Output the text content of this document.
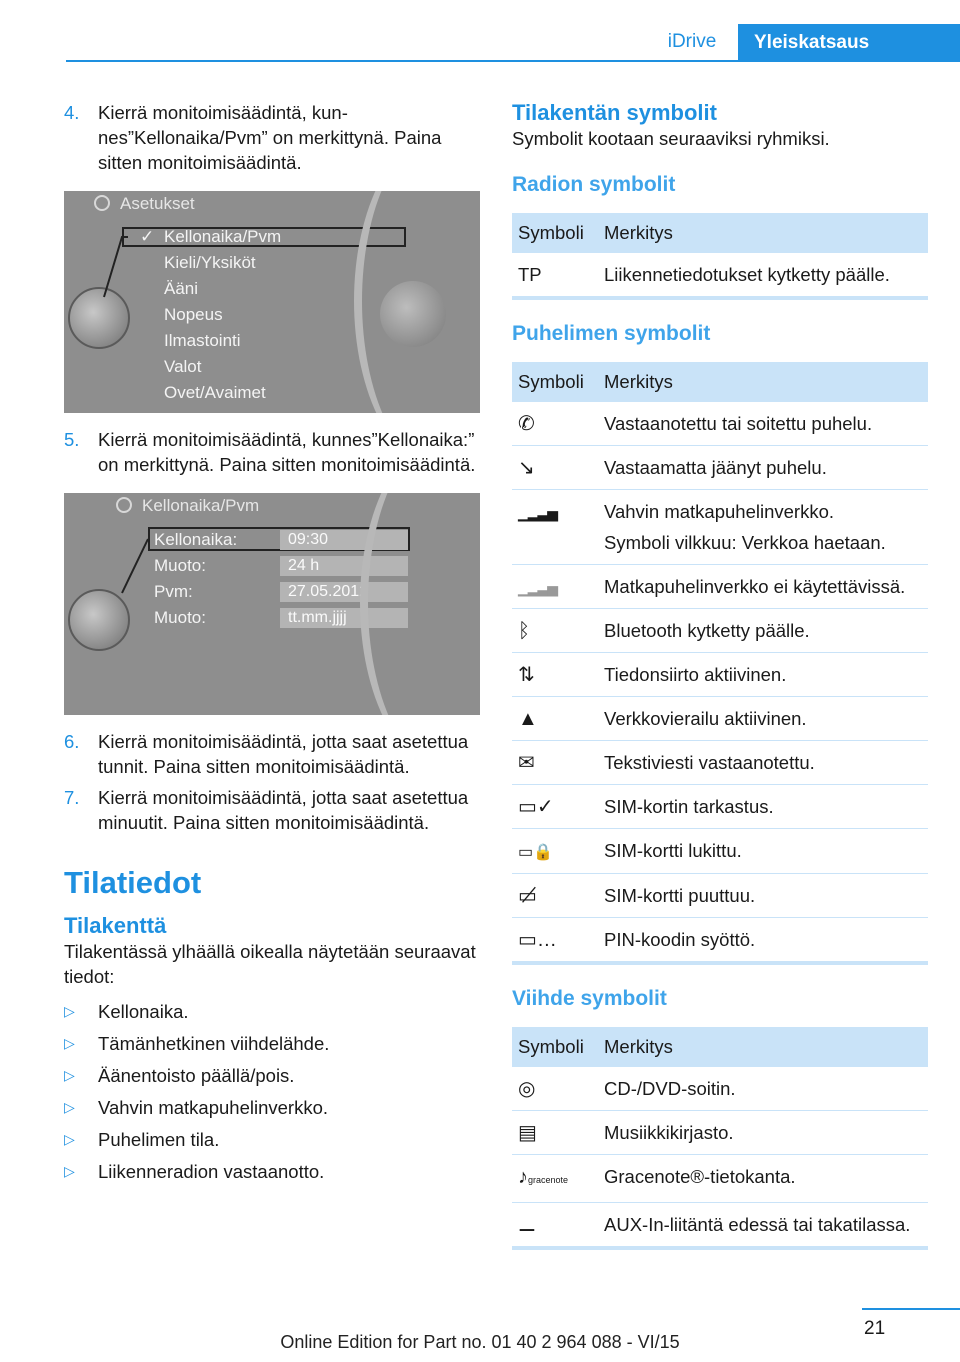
iDrive	Yleiskatsaus
4.	Kierrä monitoimisäädintä, kunnes”Kellonaika/Pvm” on merkittynä. Paina sitten monitoimisäädintä.
Asetukset
✓ Kellonaika/Pvm
Kieli/Yksiköt
Ääni
Nopeus
Ilmastointi
Valot
Ovet/Avaimet
5.	Kierrä monitoimisäädintä, kunnes”Kellonaika:” on merkittynä. Paina sitten monitoimisäädintä.
Kellonaika/Pvm
Kellonaika:	09:30
Muoto:	24 h
Pvm:	27.05.2012
Muoto:	tt.mm.jjjj
6.	Kierrä monitoimisäädintä, jotta saat asetettua tunnit. Paina sitten monitoimisäädintä.
7.	Kierrä monitoimisäädintä, jotta saat asetettua minuutit. Paina sitten monitoimisäädintä.
Tilatiedot
Tilakenttä

Tilakentässä ylhäällä oikealla näytetään seuraavat tiedot:

▷	Kellonaika.
▷	Tämänhetkinen viihdelähde.
▷	Äänentoisto päällä/pois.
▷	Vahvin matkapuhelinverkko.
▷	Puhelimen tila.
▷	Liikenneradion vastaanotto.
Tilakentän symbolit

Symbolit kootaan seuraaviksi ryhmiksi.

Radion symbolit
Symboli	Merkitys
TP	Liikennetiedotukset kytketty päälle.
Puhelimen symbolit
Symboli	Merkitys
✆	Vastaanotettu tai soitettu puhelu.
↘	Vastaamatta jäänyt puhelu.
▁▂▃▅	Vahvin matkapuhelinverkko.
Symboli vilkkuu: Verkkoa haetaan.

▁▂▃▅	Matkapuhelinverkko ei käytettävissä.
ᛒ	Bluetooth kytketty päälle.
⇅	Tiedonsiirto aktiivinen.
▲	Verkkovierailu aktiivinen.
✉	Tekstiviesti vastaanotettu.
▭✓	SIM-kortin tarkastus.
▭🔒	SIM-kortti lukittu.
▭̸	SIM-kortti puuttuu.
▭…	PIN-koodin syöttö.
Viihde symbolit
Symboli	Merkitys
◎	CD-/DVD-soitin.
▤	Musiikkikirjasto.
♪gracenote	Gracenote®-tietokanta.
⚊	AUX-In-liitäntä edessä tai takatilassa.
21
Online Edition for Part no. 01 40 2 964 088 - VI/15
